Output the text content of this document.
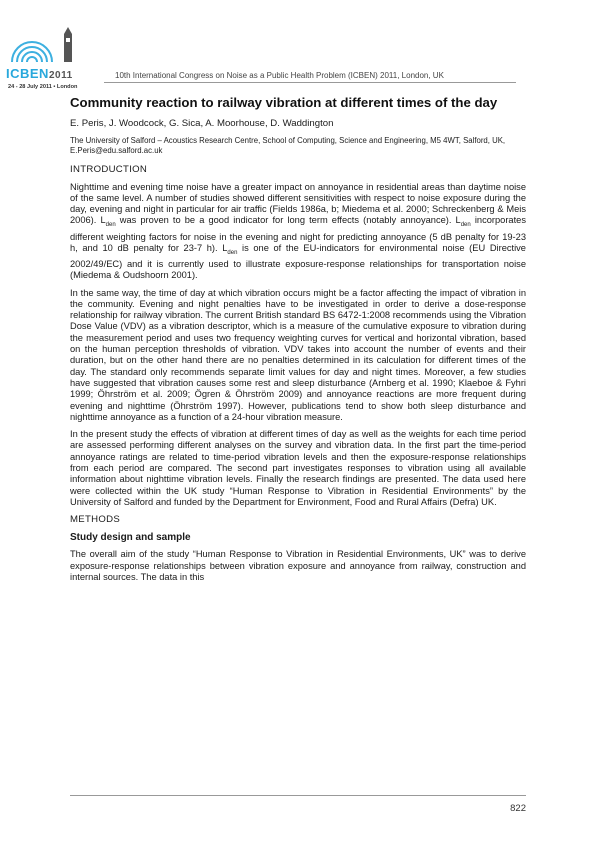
ICBEN2011
24 - 28 July 2011 • London
10th International Congress on Noise as a Public Health Problem (ICBEN) 2011, London, UK
Community reaction to railway vibration at different times of the day
E. Peris, J. Woodcock, G. Sica, A. Moorhouse, D. Waddington
The University of Salford – Acoustics Research Centre, School of Computing, Science and Engineering, M5 4WT, Salford, UK, E.Peris@edu.salford.ac.uk
INTRODUCTION

Nighttime and evening time noise have a greater impact on annoyance in residential areas than daytime noise of the same level. A number of studies showed different sensitivities with respect to noise exposure during the day, evening and night in particular for air traffic (Fields 1986a, b; Miedema et al. 2000; Schreckenberg & Meis 2006). $L_{den}$ was proven to be a good indicator for long term effects (notably annoyance). $L_{den}$ incorporates different weighting factors for noise in the evening and night for predicting annoyance (5 dB penalty for 19-23 h, and 10 dB penalty for 23-7 h). $L_{den}$ is one of the EU-indicators for environmental noise (EU Directive 2002/49/EC) and it is currently used to illustrate exposure-response relationships for transportation noise (Miedema & Oudshoorn 2001).

In the same way, the time of day at which vibration occurs might be a factor affecting the impact of vibration in the community. Evening and night penalties have to be investigated in order to derive a dose-response relationship for railway vibration. The current British standard BS 6472-1:2008 recommends using the Vibration Dose Value (VDV) as a vibration descriptor, which is a measure of the cumulative exposure to vibration during the measurement period and uses two frequency weighting curves for vertical and horizontal vibration, based on the human perception thresholds of vibration. VDV takes into account the number of events and their duration, but on the other hand there are no penalties determined in its calculation for different times of the day. The standard only recommends separate limit values for day and night times. Moreover, a few studies have suggested that vibration causes some rest and sleep disturbance (Arnberg et al. 1990; Klaeboe & Fyhri 1999; Öhrström et al. 2009; Ögren & Öhrström 2009) and annoyance reactions are more frequent during evening and nighttime (Öhrström 1997). However, publications tend to show both sleep disturbance and nighttime annoyance as a function of a 24-hour vibration measure.

In the present study the effects of vibration at different times of day as well as the weights for each time period are assessed performing different analyses on the survey and vibration data. In the first part the time-period annoyance ratings are related to time-period vibration levels and then the exposure-response relationships from each period are compared. The second part investigates responses to vibration using all available information about nighttime vibration levels. Finally the research findings are presented. The data used here were collected within the UK study “Human Response to Vibration in Residential Environments” by the University of Salford and funded by the Department for Environment, Food and Rural Affairs (Defra) UK.

METHODS
Study design and sample

The overall aim of the study “Human Response to Vibration in Residential Environments, UK” was to derive exposure-response relationships between vibration exposure and annoyance from railway, construction and internal sources. The data in this

822
